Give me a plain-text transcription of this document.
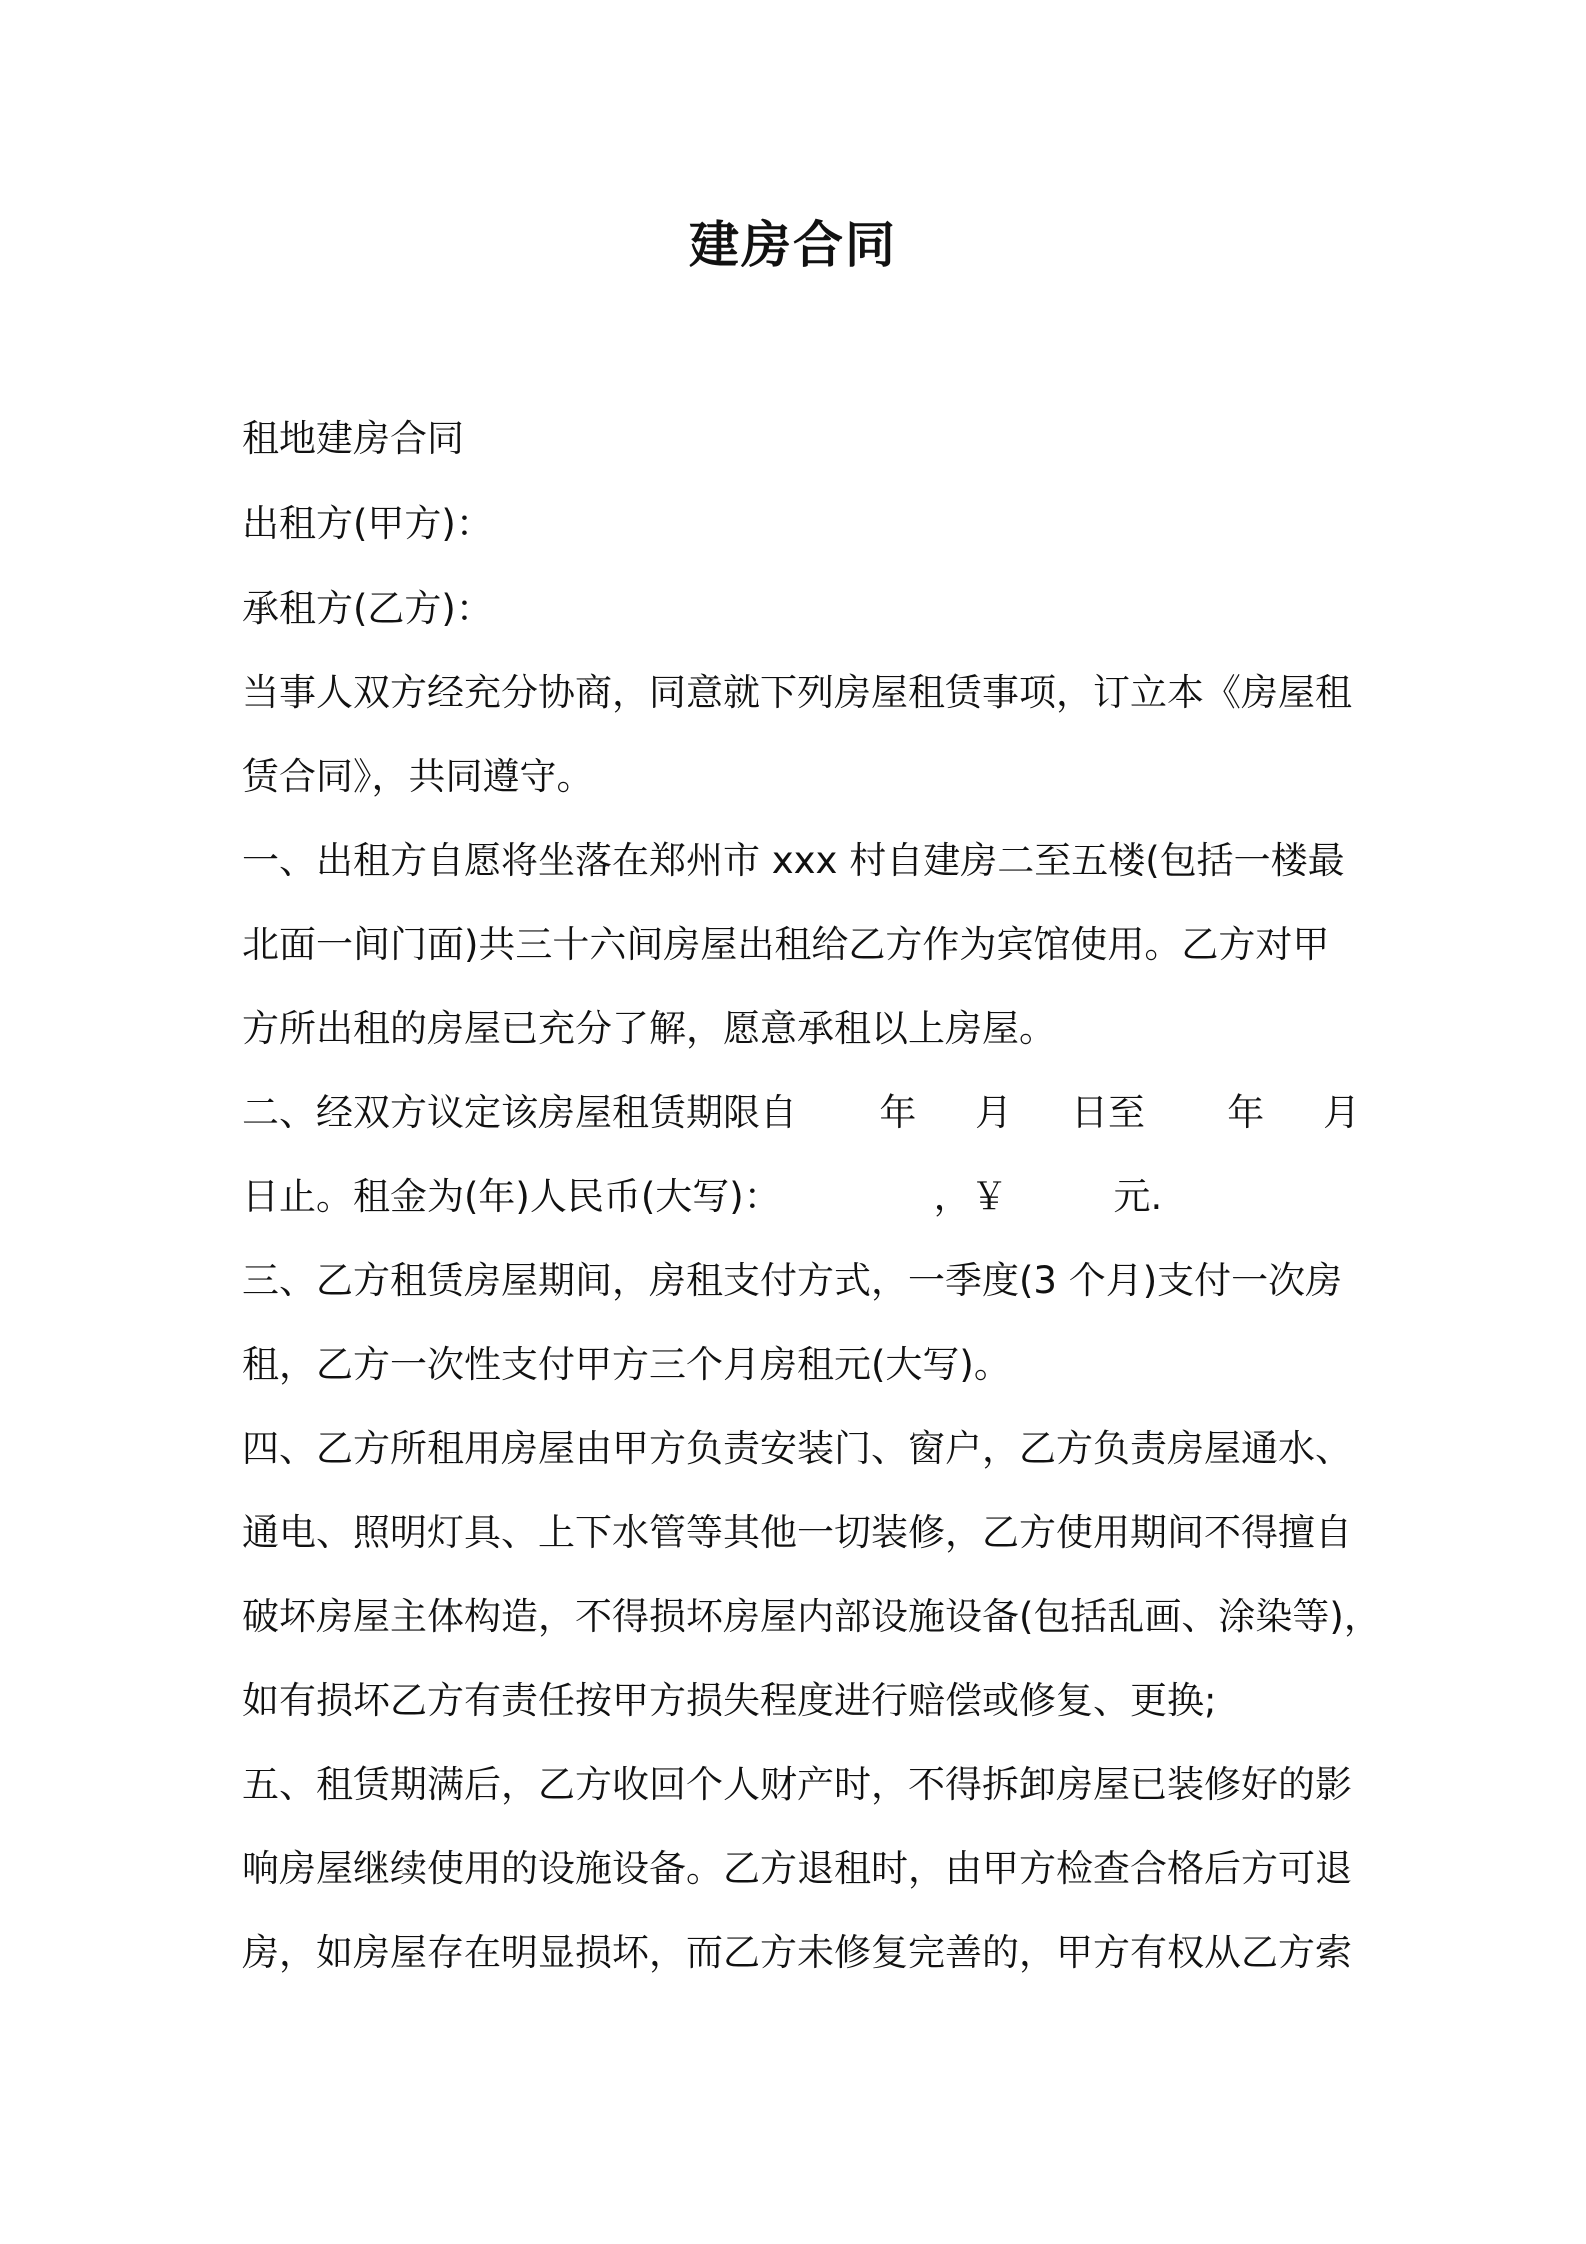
建房合同
租地建房合同
出租方(甲方)：
承租方(乙方)：
当事人双方经充分协商，同意就下列房屋租赁事项，订立本《房屋租
赁合同》，共同遵守。
一、出租方自愿将坐落在郑州市 xxx 村自建房二至五楼(包括一楼最
北面一间门面)共三十六间房屋出租给乙方作为宾馆使用。乙方对甲
方所出租的房屋已充分了解，愿意承租以上房屋。
二、经双方议定该房屋租赁期限自       年     月     日至       年     月
日止。租金为(年)人民币(大写)：             ，￥         元.
三、乙方租赁房屋期间，房租支付方式，一季度(3 个月)支付一次房
租，乙方一次性支付甲方三个月房租元(大写)。
四、乙方所租用房屋由甲方负责安装门、窗户，乙方负责房屋通水、
通电、照明灯具、上下水管等其他一切装修，乙方使用期间不得擅自
破坏房屋主体构造，不得损坏房屋内部设施设备(包括乱画、涂染等)，
如有损坏乙方有责任按甲方损失程度进行赔偿或修复、更换;
五、租赁期满后，乙方收回个人财产时，不得拆卸房屋已装修好的影
响房屋继续使用的设施设备。乙方退租时，由甲方检查合格后方可退
房，如房屋存在明显损坏，而乙方未修复完善的，甲方有权从乙方索
